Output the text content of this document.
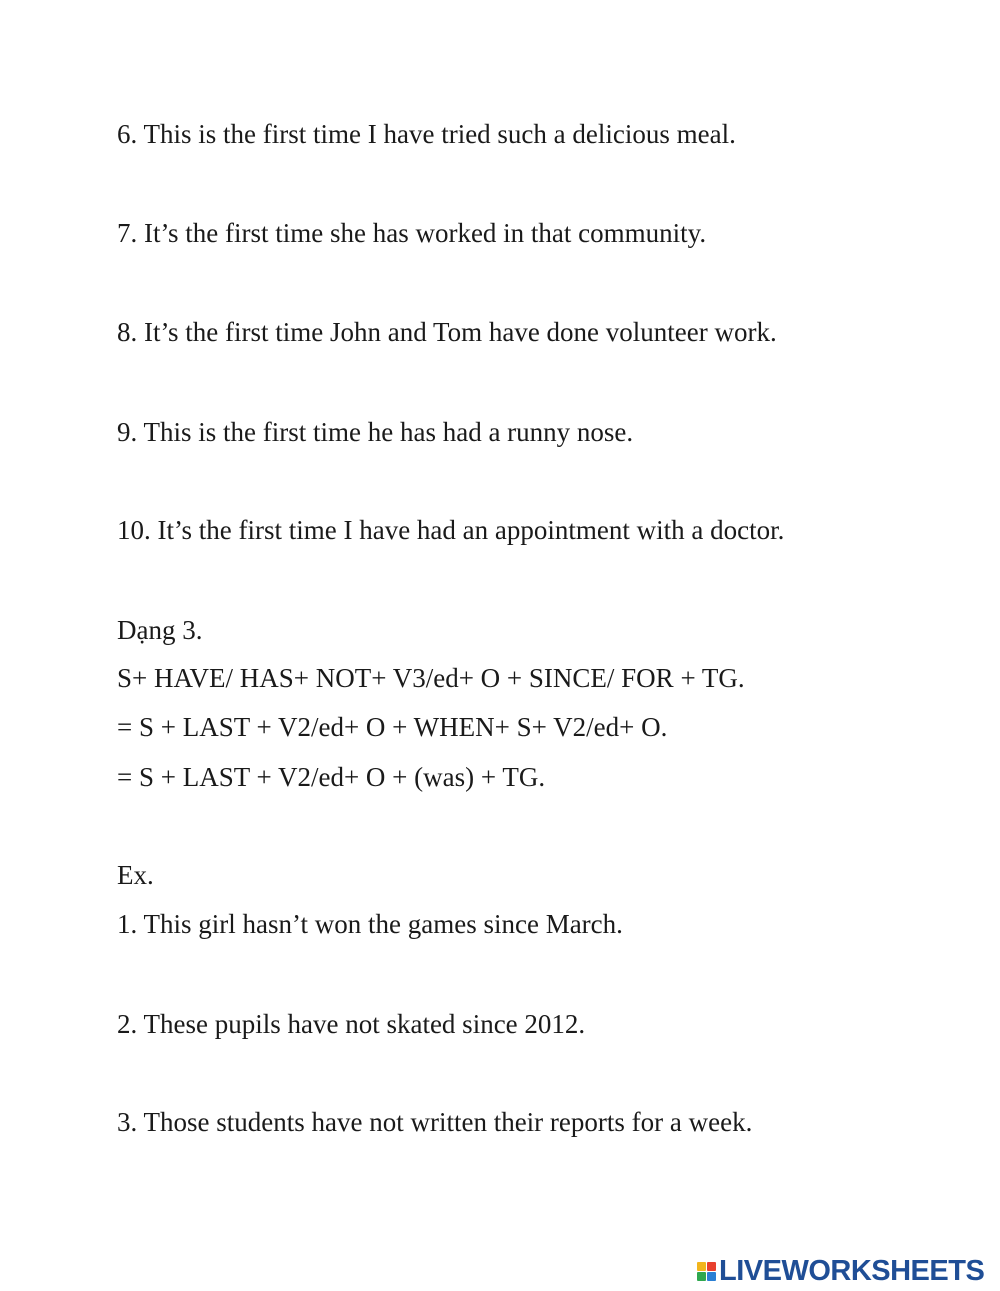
6. This is the first time I have tried such a delicious meal.

7. It’s the first time she has worked in that community.

8. It’s the first time John and Tom have done volunteer work.

9. This is the first time he has had a runny nose.

10. It’s the first time I have had an appointment with a doctor.

Dạng 3.

S+ HAVE/ HAS+ NOT+ V3/ed+ O + SINCE/ FOR + TG.

= S + LAST + V2/ed+ O + WHEN+ S+ V2/ed+ O.

= S + LAST + V2/ed+ O + (was) + TG.

Ex.

1. This girl hasn’t won the games since March.

2. These pupils have not skated since 2012.

3. Those students have not written their reports for a week.

LIVEWORKSHEETS
